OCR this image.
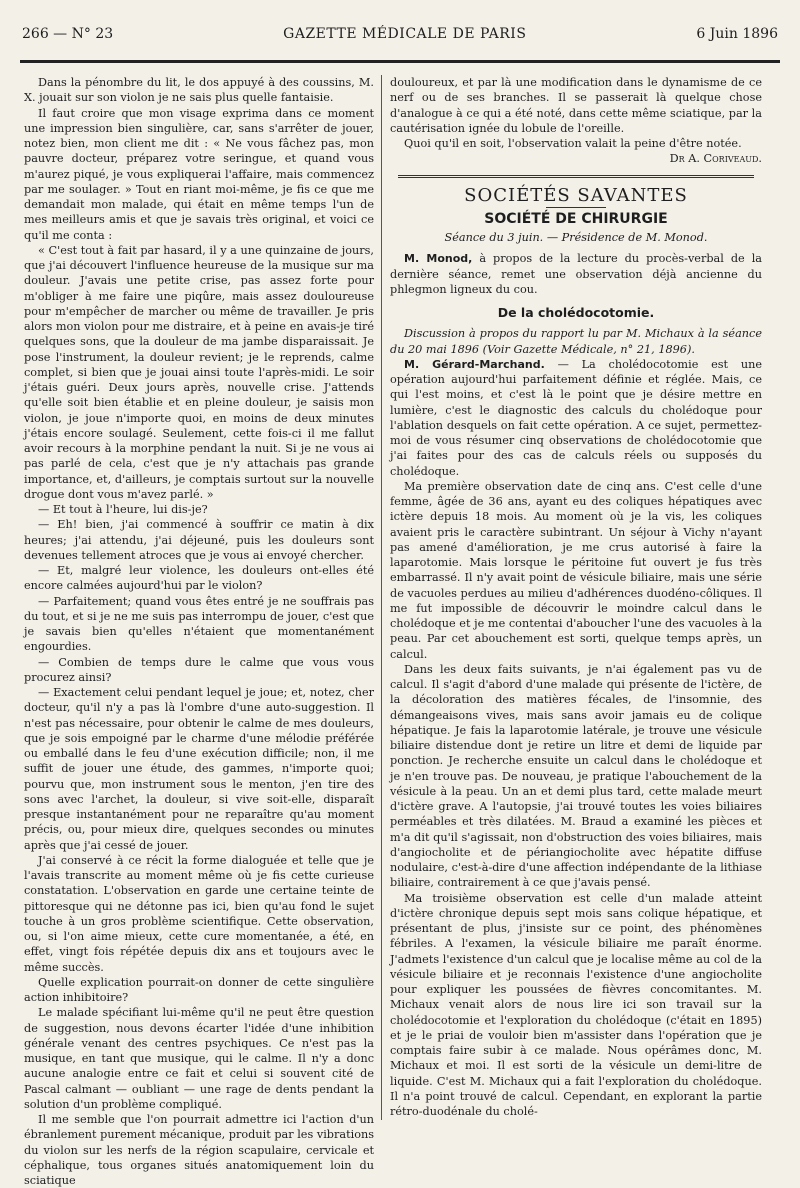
266 — N° 23	GAZETTE MÉDICALE DE PARIS	6 Juin 1896

Dans la pénombre du lit, le dos appuyé à des coussins, M. X. jouait sur son violon je ne sais plus quelle fantaisie.

Il faut croire que mon visage exprima dans ce moment une impression bien singulière, car, sans s'arrêter de jouer, notez bien, mon client me dit : « Ne vous fâchez pas, mon pauvre docteur, préparez votre seringue, et quand vous m'aurez piqué, je vous expliquerai l'affaire, mais commencez par me soulager. » Tout en riant moi-même, je fis ce que me demandait mon malade, qui était en même temps l'un de mes meilleurs amis et que je savais très original, et voici ce qu'il me conta :

« C'est tout à fait par hasard, il y a une quinzaine de jours, que j'ai découvert l'influence heureuse de la musique sur ma douleur. J'avais une petite crise, pas assez forte pour m'obliger à me faire une piqûre, mais assez douloureuse pour m'empêcher de marcher ou même de travailler. Je pris alors mon violon pour me distraire, et à peine en avais-je tiré quelques sons, que la douleur de ma jambe disparaissait. Je pose l'instrument, la douleur revient; je le reprends, calme complet, si bien que je jouai ainsi toute l'après-midi. Le soir j'étais guéri. Deux jours après, nouvelle crise. J'attends qu'elle soit bien établie et en pleine douleur, je saisis mon violon, je joue n'importe quoi, en moins de deux minutes j'étais encore soulagé. Seulement, cette fois-ci il me fallut avoir recours à la morphine pendant la nuit. Si je ne vous ai pas parlé de cela, c'est que je n'y attachais pas grande importance, et, d'ailleurs, je comptais surtout sur la nouvelle drogue dont vous m'avez parlé. »

— Et tout à l'heure, lui dis-je?

— Eh! bien, j'ai commencé à souffrir ce matin à dix heures; j'ai attendu, j'ai déjeuné, puis les douleurs sont devenues tellement atroces que je vous ai envoyé chercher.

— Et, malgré leur violence, les douleurs ont-elles été encore calmées aujourd'hui par le violon?

— Parfaitement; quand vous êtes entré je ne souffrais pas du tout, et si je ne me suis pas interrompu de jouer, c'est que je savais bien qu'elles n'étaient que momentanément engourdies.

— Combien de temps dure le calme que vous vous procurez ainsi?

— Exactement celui pendant lequel je joue; et, notez, cher docteur, qu'il n'y a pas là l'ombre d'une auto-suggestion. Il n'est pas nécessaire, pour obtenir le calme de mes douleurs, que je sois empoigné par le charme d'une mélodie préférée ou emballé dans le feu d'une exécution difficile; non, il me suffit de jouer une étude, des gammes, n'importe quoi; pourvu que, mon instrument sous le menton, j'en tire des sons avec l'archet, la douleur, si vive soit-elle, disparaît presque instantanément pour ne reparaître qu'au moment précis, ou, pour mieux dire, quelques secondes ou minutes après que j'ai cessé de jouer.

J'ai conservé à ce récit la forme dialoguée et telle que je l'avais transcrite au moment même où je fis cette curieuse constatation. L'observation en garde une certaine teinte de pittoresque qui ne détonne pas ici, bien qu'au fond le sujet touche à un gros problème scientifique. Cette observation, ou, si l'on aime mieux, cette cure momentanée, a été, en effet, vingt fois répétée depuis dix ans et toujours avec le même succès.

Quelle explication pourrait-on donner de cette singulière action inhibitoire?

Le malade spécifiant lui-même qu'il ne peut être question de suggestion, nous devons écarter l'idée d'une inhibition générale venant des centres psychiques. Ce n'est pas la musique, en tant que musique, qui le calme. Il n'y a donc aucune analogie entre ce fait et celui si souvent cité de Pascal calmant — oubliant — une rage de dents pendant la solution d'un problème compliqué.

Il me semble que l'on pourrait admettre ici l'action d'un ébranlement purement mécanique, produit par les vibrations du violon sur les nerfs de la région scapulaire, cervicale et céphalique, tous organes situés anatomiquement loin du sciatique

douloureux, et par là une modification dans le dynamisme de ce nerf ou de ses branches. Il se passerait là quelque chose d'analogue à ce qui a été noté, dans cette même sciatique, par la cautérisation ignée du lobule de l'oreille.

Quoi qu'il en soit, l'observation valait la peine d'être notée.

Dr A. Coriveaud.

SOCIÉTÉS SAVANTES
SOCIÉTÉ DE CHIRURGIE
Séance du 3 juin. — Présidence de M. Monod.

M. Monod, à propos de la lecture du procès-verbal de la dernière séance, remet une observation déjà ancienne du phlegmon ligneux du cou.

De la cholédocotomie.

Discussion à propos du rapport lu par M. Michaux à la séance du 20 mai 1896 (Voir Gazette Médicale, n° 21, 1896).

M. Gérard-Marchand. — La cholédocotomie est une opération aujourd'hui parfaitement définie et réglée. Mais, ce qui l'est moins, et c'est là le point que je désire mettre en lumière, c'est le diagnostic des calculs du cholédoque pour l'ablation desquels on fait cette opération. A ce sujet, permettez-moi de vous résumer cinq observations de cholédocotomie que j'ai faites pour des cas de calculs réels ou supposés du cholédoque.

Ma première observation date de cinq ans. C'est celle d'une femme, âgée de 36 ans, ayant eu des coliques hépatiques avec ictère depuis 18 mois. Au moment où je la vis, les coliques avaient pris le caractère subintrant. Un séjour à Vichy n'ayant pas amené d'amélioration, je me crus autorisé à faire la laparotomie. Mais lorsque le péritoine fut ouvert je fus très embarrassé. Il n'y avait point de vésicule biliaire, mais une série de vacuoles perdues au milieu d'adhérences duodéno-côliques. Il me fut impossible de découvrir le moindre calcul dans le cholédoque et je me contentai d'aboucher l'une des vacuoles à la peau. Par cet abouchement est sorti, quelque temps après, un calcul.

Dans les deux faits suivants, je n'ai également pas vu de calcul. Il s'agit d'abord d'une malade qui présente de l'ictère, de la décoloration des matières fécales, de l'insomnie, des démangeaisons vives, mais sans avoir jamais eu de colique hépatique. Je fais la laparotomie latérale, je trouve une vésicule biliaire distendue dont je retire un litre et demi de liquide par ponction. Je recherche ensuite un calcul dans le cholédoque et je n'en trouve pas. De nouveau, je pratique l'abouchement de la vésicule à la peau. Un an et demi plus tard, cette malade meurt d'ictère grave. A l'autopsie, j'ai trouvé toutes les voies biliaires perméables et très dilatées. M. Braud a examiné les pièces et m'a dit qu'il s'agissait, non d'obstruction des voies biliaires, mais d'angiocholite et de périangiocholite avec hépatite diffuse nodulaire, c'est-à-dire d'une affection indépendante de la lithiase biliaire, contrairement à ce que j'avais pensé.

Ma troisième observation est celle d'un malade atteint d'ictère chronique depuis sept mois sans colique hépatique, et présentant de plus, j'insiste sur ce point, des phénomènes fébriles. A l'examen, la vésicule biliaire me paraît énorme. J'admets l'existence d'un calcul que je localise même au col de la vésicule biliaire et je reconnais l'existence d'une angiocholite pour expliquer les poussées de fièvres concomitantes. M. Michaux venait alors de nous lire ici son travail sur la cholédocotomie et l'exploration du cholédoque (c'était en 1895) et je le priai de vouloir bien m'assister dans l'opération que je comptais faire subir à ce malade. Nous opérâmes donc, M. Michaux et moi. Il est sorti de la vésicule un demi-litre de liquide. C'est M. Michaux qui a fait l'exploration du cholédoque. Il n'a point trouvé de calcul. Cependant, en explorant la partie rétro-duodénale du cholé-
